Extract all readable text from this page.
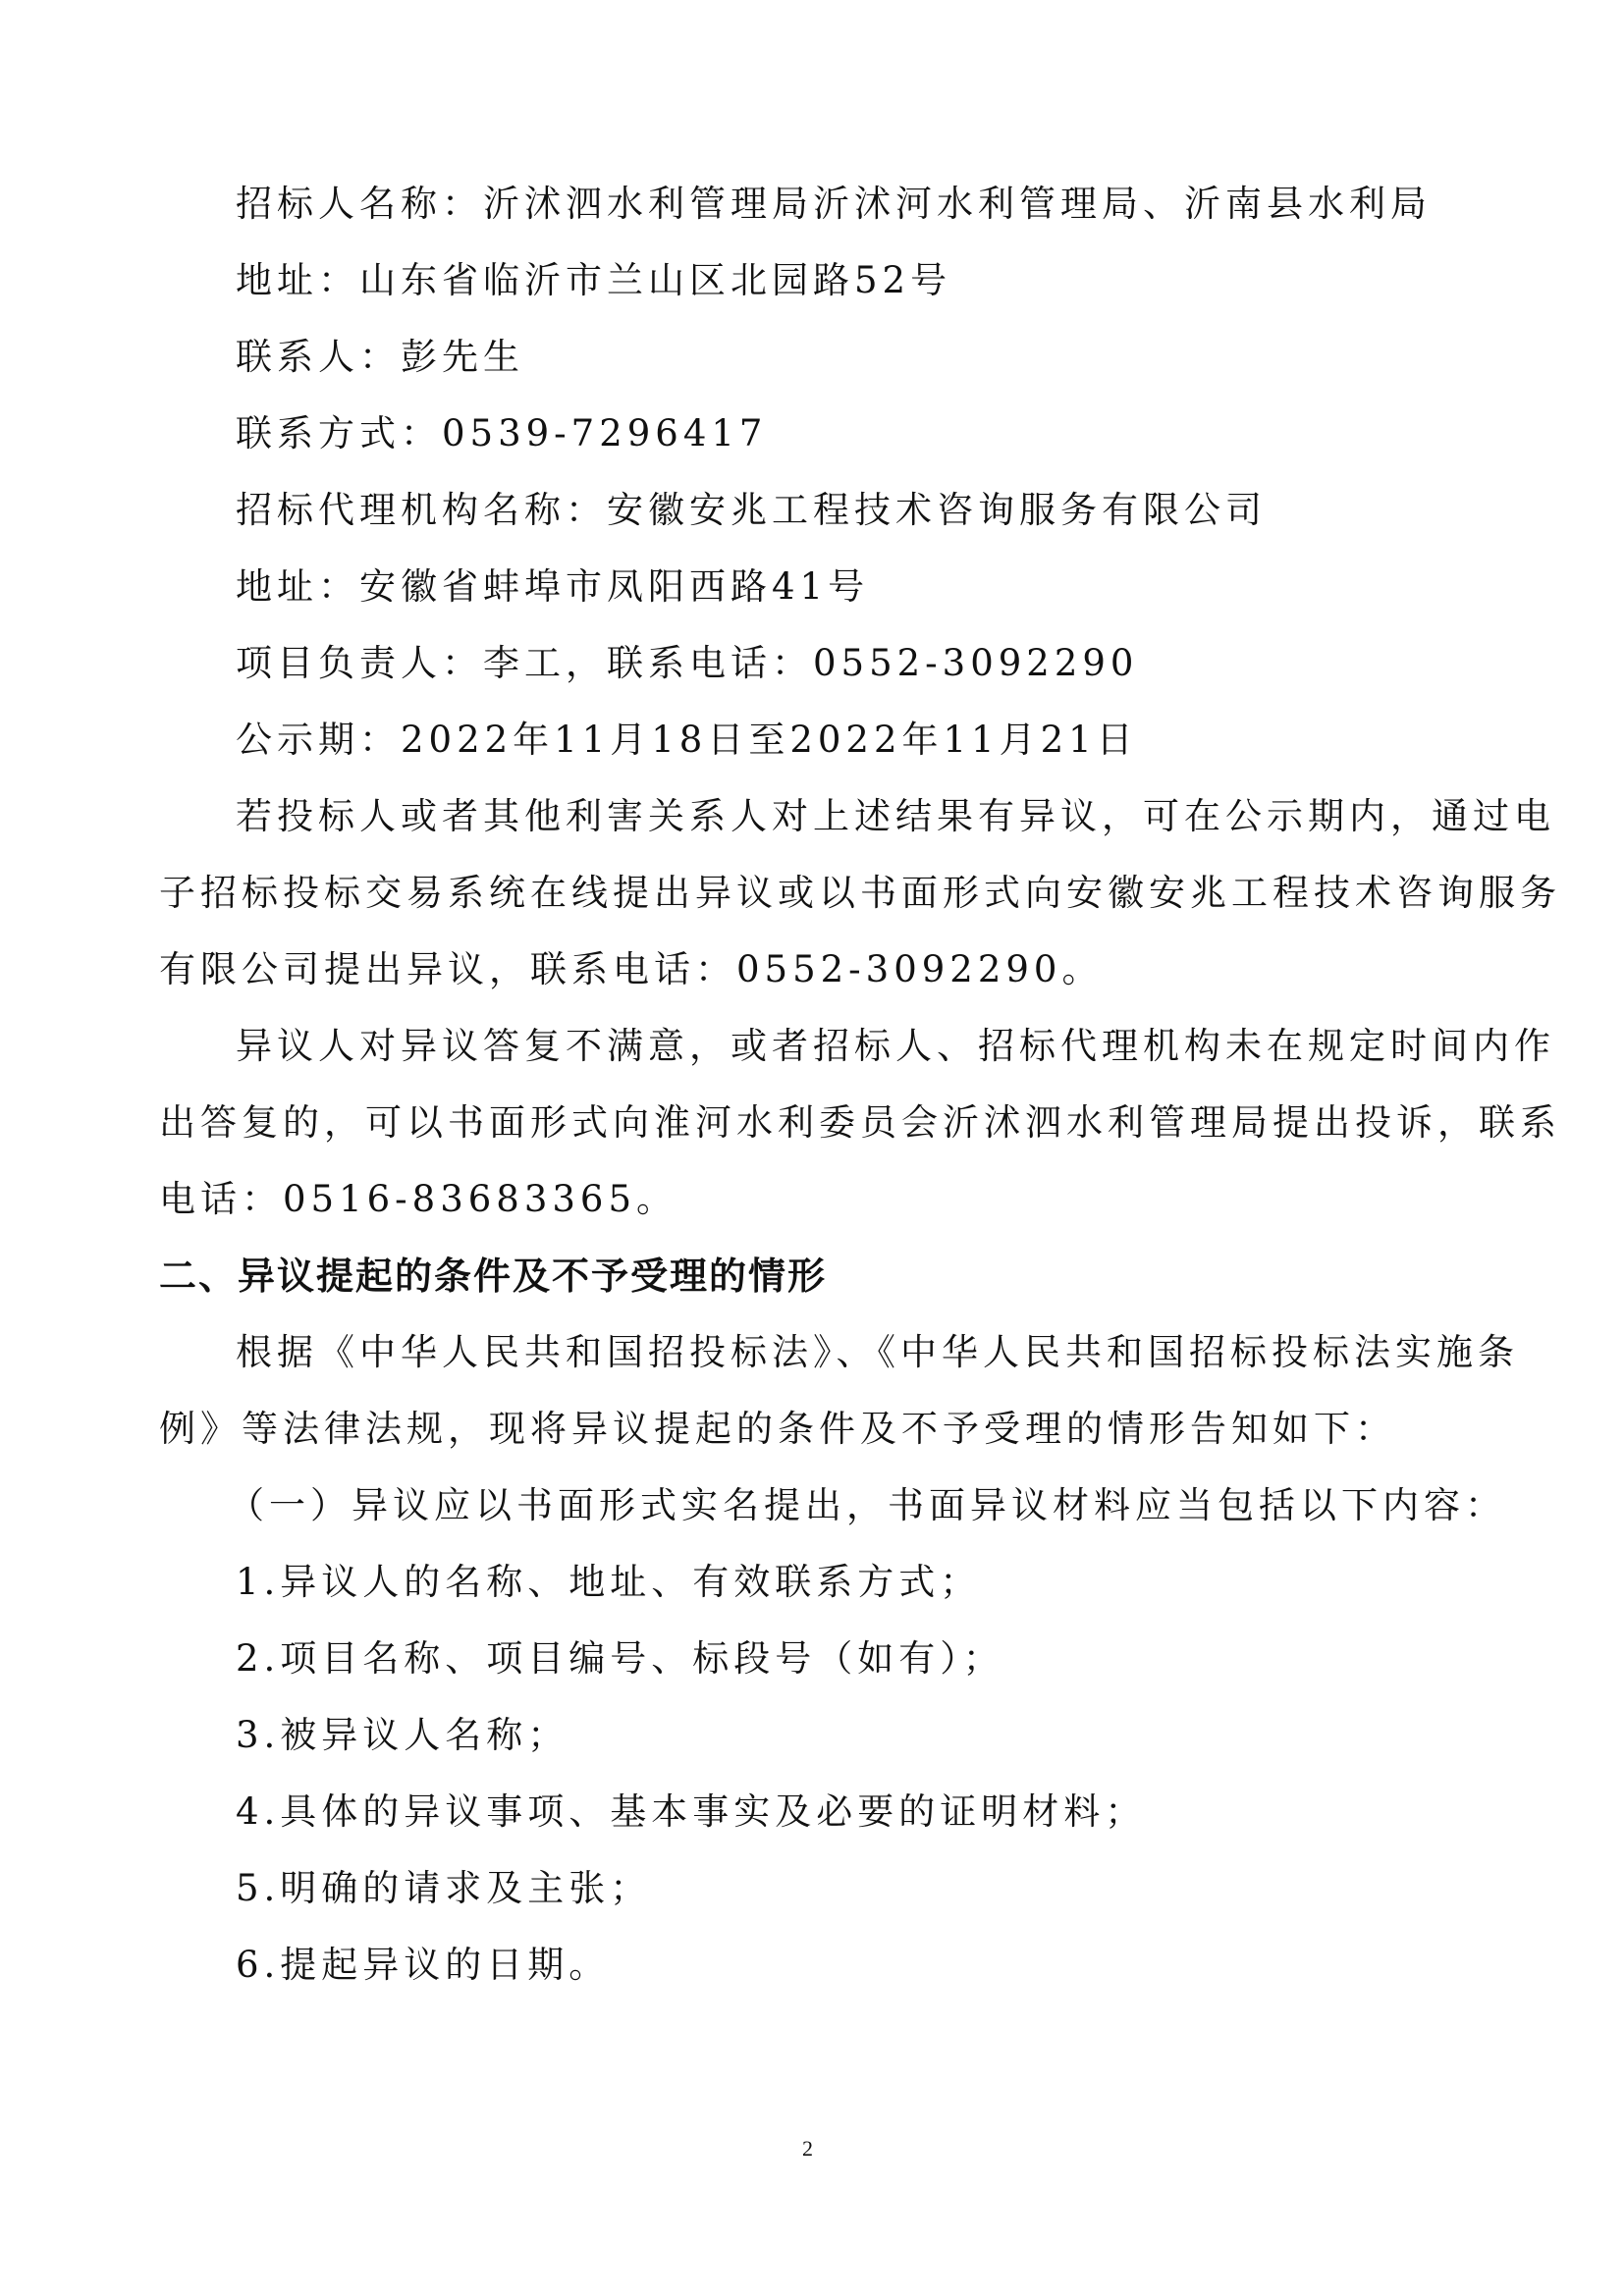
招标人名称：沂沭泗水利管理局沂沭河水利管理局、沂南县水利局
地址：山东省临沂市兰山区北园路52号
联系人：彭先生
联系方式：0539-7296417
招标代理机构名称：安徽安兆工程技术咨询服务有限公司
地址：安徽省蚌埠市凤阳西路41号
项目负责人：李工，联系电话：0552-3092290
公示期：2022年11月18日至2022年11月21日
若投标人或者其他利害关系人对上述结果有异议，可在公示期内，通过电
子招标投标交易系统在线提出异议或以书面形式向安徽安兆工程技术咨询服务
有限公司提出异议，联系电话：0552-3092290。
异议人对异议答复不满意，或者招标人、招标代理机构未在规定时间内作
出答复的，可以书面形式向淮河水利委员会沂沭泗水利管理局提出投诉，联系
电话：0516-83683365。
二、异议提起的条件及不予受理的情形
根据《中华人民共和国招投标法》、《中华人民共和国招标投标法实施条
例》等法律法规，现将异议提起的条件及不予受理的情形告知如下：
（一）异议应以书面形式实名提出，书面异议材料应当包括以下内容：
1.异议人的名称、地址、有效联系方式；
2.项目名称、项目编号、标段号（如有）；
3.被异议人名称；
4.具体的异议事项、基本事实及必要的证明材料；
5.明确的请求及主张；
6.提起异议的日期。
2
